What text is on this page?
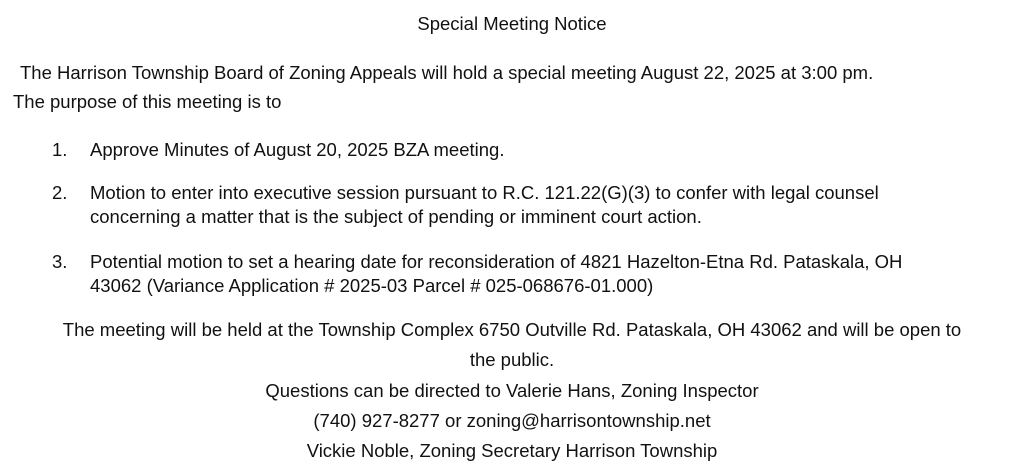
Special Meeting Notice
The Harrison Township Board of Zoning Appeals will hold a special meeting August 22, 2025 at 3:00 pm.
The purpose of this meeting is to
1.	Approve Minutes of August 20, 2025 BZA meeting.
2.	Motion to enter into executive session pursuant to R.C. 121.22(G)(3) to confer with legal counsel
concerning a matter that is the subject of pending or imminent court action.
3.	Potential motion to set a hearing date for reconsideration of 4821 Hazelton-Etna Rd. Pataskala, OH
43062 (Variance Application # 2025-03 Parcel # 025-068676-01.000)
The meeting will be held at the Township Complex 6750 Outville Rd. Pataskala, OH 43062 and will be open to
the public.
Questions can be directed to Valerie Hans, Zoning Inspector
(740) 927-8277 or zoning@harrisontownship.net
Vickie Noble, Zoning Secretary Harrison Township
